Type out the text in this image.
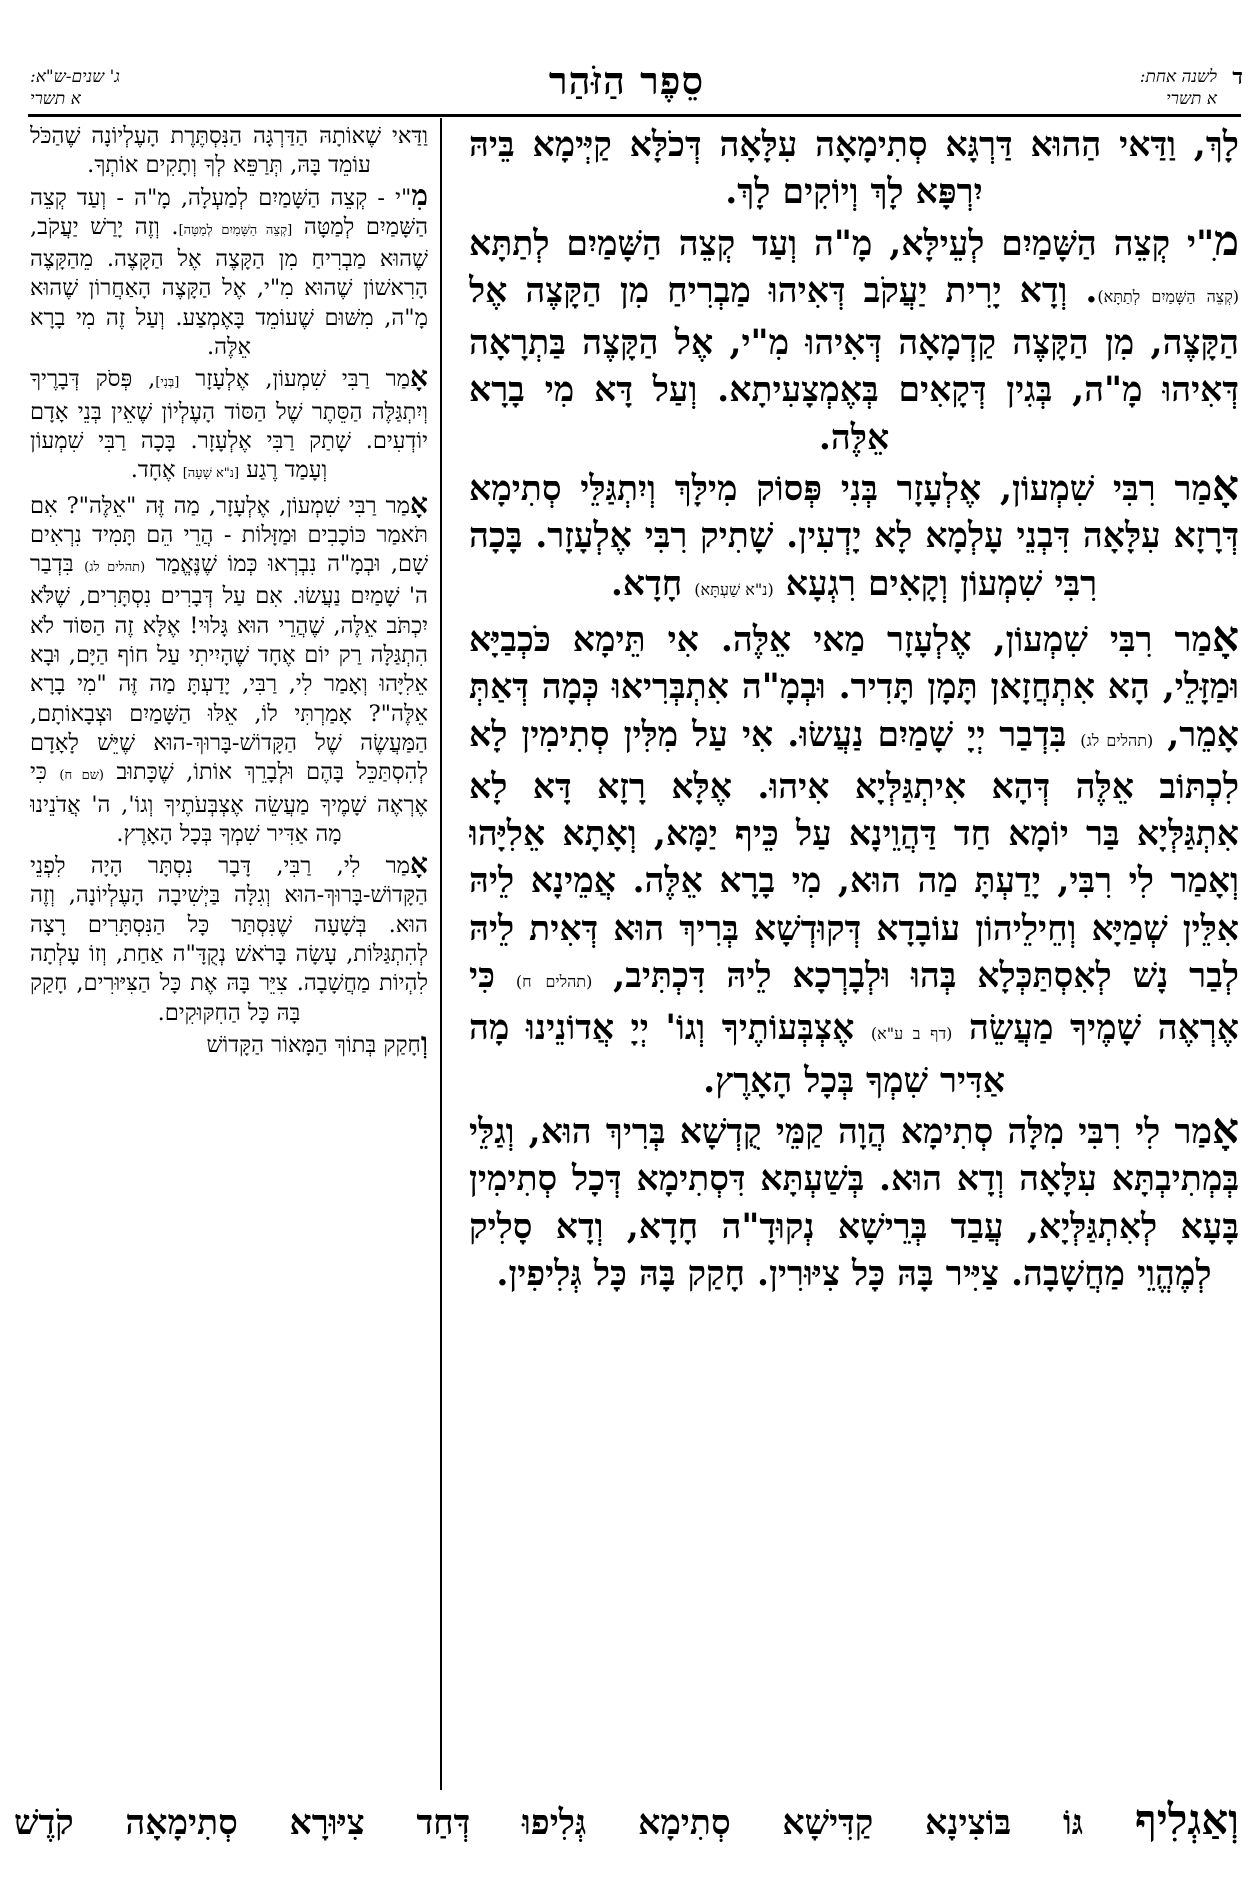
ד
לשנה אחת:
א תשרי
סֵפֶר הַזֹּהַר
ג' שנים-ש"א:
א תשרי

לָךְ, וַדַּאי הַהוּא דַּרְגָּא סְתִימָאָה עִלָּאָה דְּכֹלָּא קַיְּימָא בֵּיהּ יִרְפָּא לָךְ וְיוֹקִים לָךְ.

מִ"י קְצֵה הַשָּׁמַיִם לְעֵילָּא, מָ"ה וְעַד קְצֵה הַשָּׁמַיִם לְתַתָּא (קְצֵה הַשָּׁמַיִם לְתַתָּא). וְדָא יָרִית יַעֲקֹב דְּאִיהוּ מַבְרִיחַ מִן הַקָּצֶה אֶל הַקָּצֶה, מִן הַקָּצֶה קַדְמָאָה דְּאִיהוּ מִ"י, אֶל הַקָּצֶה בַּתְרָאָה דְּאִיהוּ מָ"ה, בְּגִין דְּקָאִים בְּאֶמְצָעִיתָא. וְעַל דָּא מִי בָרָא אֵלֶּה.

אָמַר רִבִּי שִׁמְעוֹן, אֶלְעָזָר בְּנִי פְּסוֹק מִילָּךְ וְיִתְגַּלֵּי סְתִימָא דְּרָזָא עִלָּאָה דִּבְנֵי עָלְמָא לָא יָדְעִין. שָׁתִיק רִבִּי אֶלְעָזָר. בָּכָה רִבִּי שִׁמְעוֹן וְקָאִים רִגְעָא (נ"א שַׁעְתָּא) חָדָא.

אָמַר רִבִּי שִׁמְעוֹן, אֶלְעָזָר מַאי אֵלֶּה. אִי תֵּימָא כֹּכְבַיָּא וּמַזָּלֵי, הָא אִתְחֲזָאן תָּמָן תָּדִיר. וּבְמָ"ה אִתְבְּרִיאוּ כְּמָה דְּאַתְּ אָמֵר, (תהלים לג) בִּדְבַר יְיָ שָׁמַיִם נַעֲשׂוּ. אִי עַל מִלִּין סְתִימִין לָא לִכְתּוֹב אֵלֶּה דְּהָא אִיתְגַּלְּיָא אִיהוּ. אֶלָּא רָזָא דָּא לָא אִתְגַּלְּיָא בַּר יוֹמָא חַד דַּהֲוֵינָא עַל כֵּיף יַמָּא, וְאָתָא אֵלִיָּהוּ וְאָמַר לִי רִבִּי, יָדַעְתָּ מַה הוּא, מִי בָרָא אֵלֶּה. אֲמֵינָא לֵיהּ אִלֵּין שְׁמַיָּא וְחֵילֵיהוֹן עוֹבָדָא דְּקוּדְשָׁא בְּרִיךְ הוּא דְּאִית לֵיהּ לְבַר נָשׁ לְאִסְתַּכְּלָא בְּהוּ וּלְבָרְכָא לֵיהּ דִּכְתִּיב, (תהלים ח) כִּי אֶרְאֶה שָׁמֶיךָ מַעֲשֵׂה (דף ב ע"א) אֶצְבְּעוֹתֶיךָ וְגוֹ' יְיָ אֲדוֹנֵינוּ מָה אַדִּיר שִׁמְךָ בְּכָל הָאָרֶץ.

אָמַר לִי רִבִּי מִלָּה סְתִימָא הֲוָה קַמֵּי קֻדְשָׁא בְּרִיךְ הוּא, וְגַלֵּי בְּמְתִיבְתָּא עִלָּאָה וְדָא הוּא. בְּשַׁעְתָּא דִּסְתִימָא דְּכָל סְתִימִין בָּעָא לְאִתְגַּלְּיָא, עֲבַד בְּרֵישָׁא נְקוּדָ"ה חָדָא, וְדָא סָלִיק לְמֶהֱוֵי מַחֲשָׁבָה. צַיִּיר בָּהּ כָּל צִיּוּרִין. חָקַק בָּהּ כָּל גְּלִיפִין.

וַדַּאי שֶׁאוֹתָהּ הַדַּרְגָּה הַנִּסְתֶּרֶת הָעֶלְיוֹנָה שֶׁהַכֹּל עוֹמֵד בָּהּ, תְּרַפֵּא לְךָ וְתָקִים אוֹתְךָ.

מִ"י - קְצֵה הַשָּׁמַיִם לְמַעְלָה, מָ"ה - וְעַד קְצֵה הַשָּׁמַיִם לְמַטָּה [קְצֵה הַשָּׁמַיִם לְמַטָּה]. וְזֶה יָרַשׁ יַעֲקֹב, שֶׁהוּא מַבְרִיחַ מִן הַקָּצֶה אֶל הַקָּצֶה. מֵהַקָּצֶה הָרִאשׁוֹן שֶׁהוּא מִ"י, אֶל הַקָּצֶה הָאַחֲרוֹן שֶׁהוּא מָ"ה, מִשּׁוּם שֶׁעוֹמֵד בָּאֶמְצַע. וְעַל זֶה מִי בָרָא אֵלֶּה.

אָמַר רַבִּי שִׁמְעוֹן, אֶלְעָזָר [בְּנִי], פְּסֹק דְּבָרֶיךָ וְיִתְגַּלֶּה הַסֵּתֶר שֶׁל הַסּוֹד הָעֶלְיוֹן שֶׁאֵין בְּנֵי אָדָם יוֹדְעִים. שָׁתַק רַבִּי אֶלְעָזָר. בָּכָה רַבִּי שִׁמְעוֹן וְעָמַד רֶגַע [נ"א שָׁעָה] אֶחָד.

אָמַר רַבִּי שִׁמְעוֹן, אֶלְעָזָר, מַה זֶּה "אֵלֶּה"? אִם תֹּאמַר כּוֹכָבִים וּמַזָּלוֹת - הֲרֵי הֵם תָּמִיד נִרְאִים שָׁם, וּבְמָ"ה נִבְרְאוּ כְּמוֹ שֶׁנֶּאֱמַר (תהלים לג) בִּדְבַר ה' שָׁמַיִם נַעֲשׂוּ. אִם עַל דְּבָרִים נִסְתָּרִים, שֶׁלֹּא יִכְתֹּב אֵלֶּה, שֶׁהֲרֵי הוּא גָּלוּי! אֶלָּא זֶה הַסּוֹד לֹא הִתְגַּלָּה רַק יוֹם אֶחָד שֶׁהָיִיתִי עַל חוֹף הַיָּם, וּבָא אֵלִיָּהוּ וְאָמַר לִי, רַבִּי, יָדַעְתָּ מַה זֶּה "מִי בָרָא אֵלֶּה"? אָמַרְתִּי לוֹ, אֵלּוּ הַשָּׁמַיִם וּצְבָאוֹתָם, הַמַּעֲשֶׂה שֶׁל הַקָּדוֹשׁ-בָּרוּךְ-הוּא שֶׁיֵּשׁ לָאָדָם לְהִסְתַּכֵּל בָּהֶם וּלְבָרֵךְ אוֹתוֹ, שֶׁכָּתוּב (שם ח) כִּי אֶרְאֶה שָׁמֶיךָ מַעֲשֵׂה אֶצְבְּעֹתֶיךָ וְגוֹ', ה' אֲדֹנֵינוּ מָה אַדִּיר שִׁמְךָ בְּכָל הָאָרֶץ.

אָמַר לִי, רַבִּי, דָּבָר נִסְתָּר הָיָה לִפְנֵי הַקָּדוֹשׁ-בָּרוּךְ-הוּא וְגִלָּה בַּיְשִׁיבָה הָעֶלְיוֹנָה, וְזֶה הוּא. בְּשָׁעָה שֶׁנִּסְתַּר כָּל הַנִּסְתָּרִים רָצָה לְהִתְגַּלּוֹת, עָשָׂה בָּרֹאשׁ נְקֻדָּ"ה אַחַת, וְזוֹ עָלְתָה לִהְיוֹת מַחֲשָׁבָה. צִיֵּר בָּהּ אֶת כָּל הַצִּיּוּרִים, חָקַק בָּהּ כָּל הַחִקּוּקִים.

וְחָקַק בְּתוֹךְ הַמָּאוֹר הַקָּדוֹשׁ

וְאַגְלִיף גּוֹ בּוֹצִינָא קַדִּישָׁא סְתִימָא גְּלִיפוּ דְּחַד צִיּוּרָא סְתִימָאָה קֹדֶשׁ
